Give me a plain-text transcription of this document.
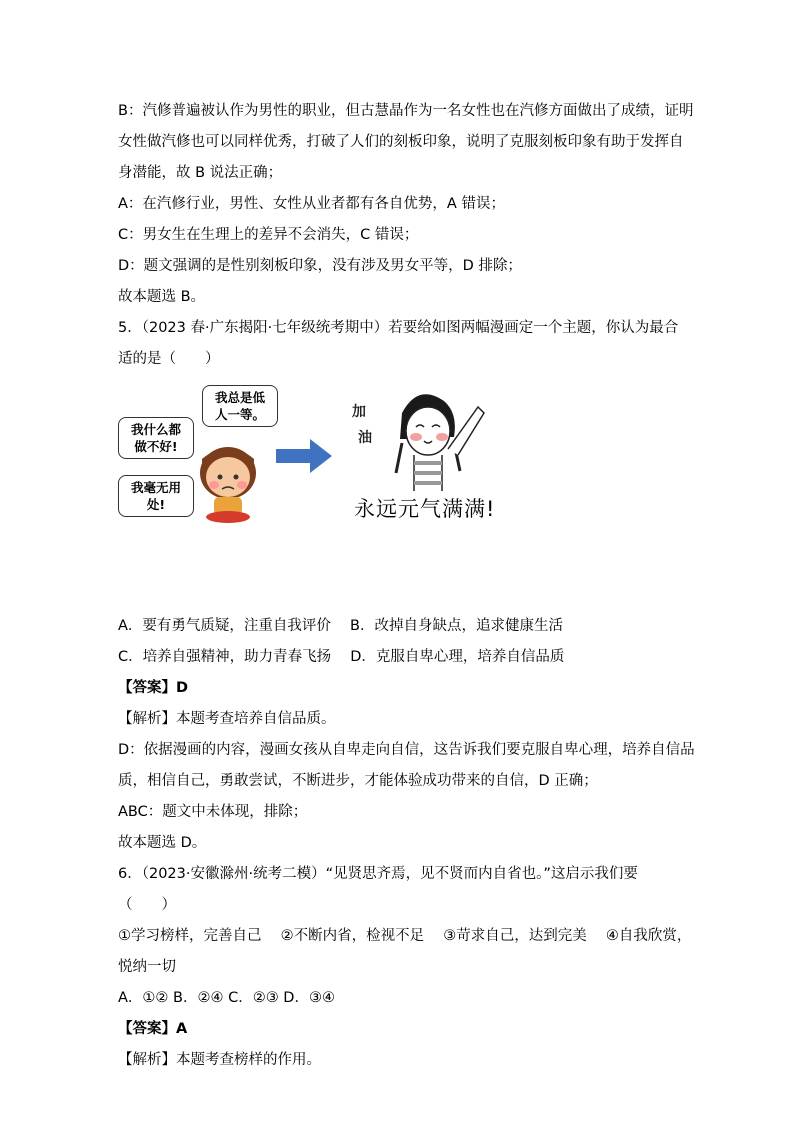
B：汽修普遍被认作为男性的职业，但古慧晶作为一名女性也在汽修方面做出了成绩，证明
女性做汽修也可以同样优秀，打破了人们的刻板印象，说明了克服刻板印象有助于发挥自
身潜能，故 B 说法正确；
A：在汽修行业，男性、女性从业者都有各自优势，A 错误；
C：男女生在生理上的差异不会消失，C 错误；
D：题文强调的是性别刻板印象，没有涉及男女平等，D 排除；
故本题选 B。
5．（2023 春·广东揭阳·七年级统考期中）若要给如图两幅漫画定一个主题，你认为最合
适的是（　　）
我什么都
做不好!
我总是低
人一等。
我毫无用
处!
加
油
永远元气满满!
A．要有勇气质疑，注重自我评价　 B．改掉自身缺点，追求健康生活
C．培养自强精神，助力青春飞扬　 D．克服自卑心理，培养自信品质
【答案】D
【解析】本题考查培养自信品质。
D：依据漫画的内容，漫画女孩从自卑走向自信，这告诉我们要克服自卑心理，培养自信品
质，相信自己，勇敢尝试，不断进步，才能体验成功带来的自信，D 正确；
ABC：题文中未体现，排除；
故本题选 D。
6．（2023·安徽滁州·统考二模）“见贤思齐焉，见不贤而内自省也。”这启示我们要
（　　）
①学习榜样，完善自己　 ②不断内省，检视不足　 ③苛求自己，达到完美　 ④自我欣赏，
悦纳一切
A．①② B．②④ C．②③ D．③④
【答案】A
【解析】本题考查榜样的作用。
